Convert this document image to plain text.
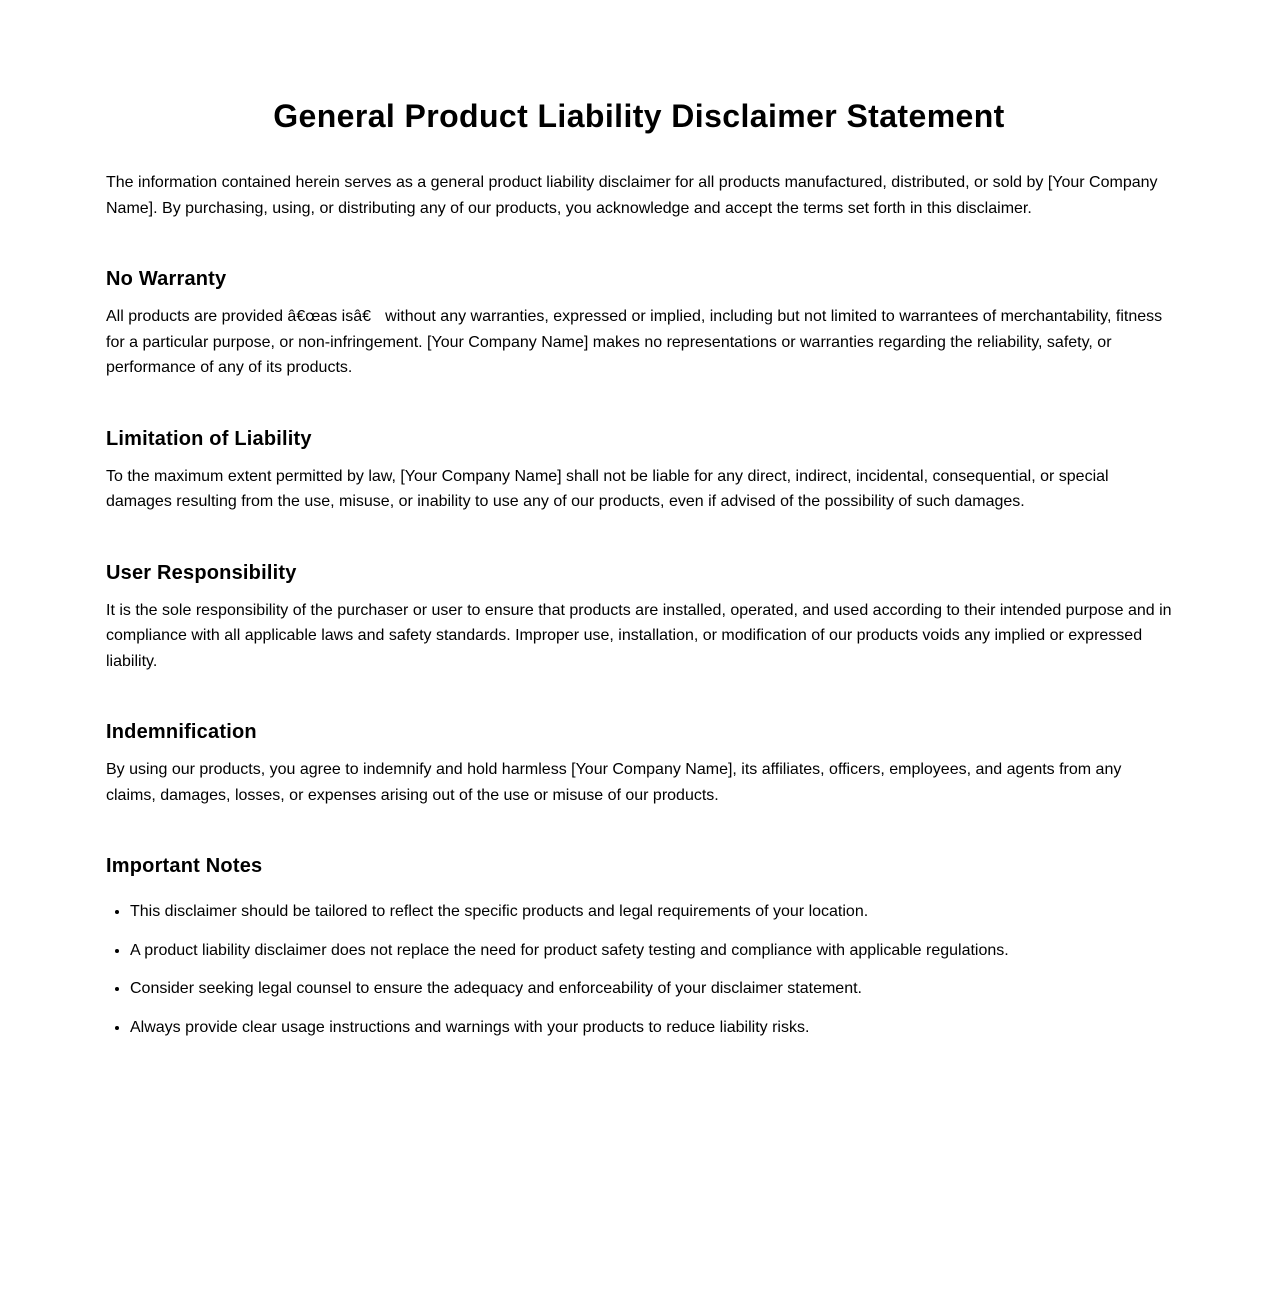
General Product Liability Disclaimer Statement

The information contained herein serves as a general product liability disclaimer for all products manufactured, distributed, or sold by [Your Company Name]. By purchasing, using, or distributing any of our products, you acknowledge and accept the terms set forth in this disclaimer.

No Warranty

All products are provided â€œas isâ€ without any warranties, expressed or implied, including but not limited to warrantees of merchantability, fitness for a particular purpose, or non-infringement. [Your Company Name] makes no representations or warranties regarding the reliability, safety, or performance of any of its products.

Limitation of Liability

To the maximum extent permitted by law, [Your Company Name] shall not be liable for any direct, indirect, incidental, consequential, or special damages resulting from the use, misuse, or inability to use any of our products, even if advised of the possibility of such damages.

User Responsibility

It is the sole responsibility of the purchaser or user to ensure that products are installed, operated, and used according to their intended purpose and in compliance with all applicable laws and safety standards. Improper use, installation, or modification of our products voids any implied or expressed liability.

Indemnification

By using our products, you agree to indemnify and hold harmless [Your Company Name], its affiliates, officers, employees, and agents from any claims, damages, losses, or expenses arising out of the use or misuse of our products.

Important Notes
• This disclaimer should be tailored to reflect the specific products and legal requirements of your location.
• A product liability disclaimer does not replace the need for product safety testing and compliance with applicable regulations.
• Consider seeking legal counsel to ensure the adequacy and enforceability of your disclaimer statement.
• Always provide clear usage instructions and warnings with your products to reduce liability risks.
